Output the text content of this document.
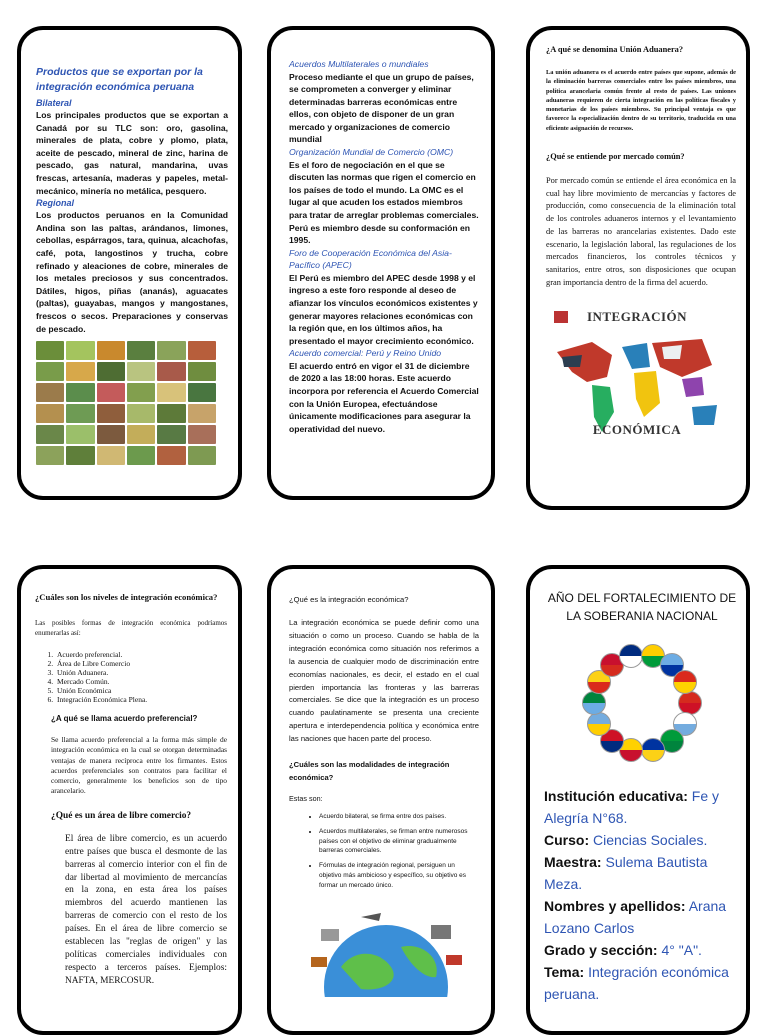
Productos que se exportan por la integración económica peruana

Bilateral

Los principales productos que se exportan a Canadá por su TLC son: oro, gasolina, minerales de plata, cobre y plomo, plata, aceite de pescado, mineral de zinc, harina de pescado, gas natural, mandarina, uvas frescas, artesanía, maderas y papeles, metal-mecánico, minería no metálica, pesquero.

Regional

Los productos peruanos en la Comunidad Andina son las paltas, arándanos, limones, cebollas, espárragos, tara, quinua, alcachofas, café, pota, langostinos y trucha, cobre refinado y aleaciones de cobre, minerales de los metales preciosos y sus concentrados. Dátiles, higos, piñas (ananás), aguacates (paltas), guayabas, mangos y mangostanes, frescos o secos. Preparaciones y conservas de pescado.

Acuerdos Multilaterales o mundiales

Proceso mediante el que un grupo de países, se comprometen a converger y eliminar determinadas barreras económicas entre ellos, con objeto de disponer de un gran mercado y organizaciones de comercio mundial

Organización Mundial de Comercio (OMC)

Es el foro de negociación en el que se discuten las normas que rigen el comercio en los países de todo el mundo. La OMC es el lugar al que acuden los estados miembros para tratar de arreglar problemas comerciales. Perú es miembro desde su conformación en 1995.

Foro de Cooperación Económica del Asia-Pacífico (APEC)

El Perú es miembro del APEC desde 1998 y el ingreso a este foro responde al deseo de afianzar los vínculos económicos existentes y generar mayores relaciones económicas con la región que, en los últimos años, ha presentado el mayor crecimiento económico.

Acuerdo comercial: Perú y Reino Unido

El acuerdo entró en vigor el 31 de diciembre de 2020 a las 18:00 horas. Este acuerdo incorpora por referencia el Acuerdo Comercial con la Unión Europea, efectuándose únicamente modificaciones para asegurar la operatividad del nuevo.

¿A qué se denomina Unión Aduanera?

La unión aduanera es el acuerdo entre países que supone, además de la eliminación barreras comerciales entre los países miembros, una política arancelaria común frente al resto de países. Las uniones aduaneras requieren de cierta integración en las políticas fiscales y monetarias de los países miembros. Su principal ventaja es que favorece la especialización dentro de su territorio, traducida en una eficiente asignación de recursos.

¿Qué se entiende por mercado común?

Por mercado común se entiende el área económica en la cual hay libre movimiento de mercancías y factores de producción, como consecuencia de la eliminación total de los controles aduaneros internos y el levantamiento de las barreras no arancelarias existentes. Dado este escenario, la legislación laboral, las regulaciones de los mercados financieros, los controles técnicos y sanitarios, entre otros, son disposiciones que ocupan gran importancia dentro de la firma del acuerdo.

INTEGRACIÓN
ECONÓMICA

¿Cuáles son los niveles de integración económica?

Las posibles formas de integración económica podríamos enumerarlas así:

1. Acuerdo preferencial.
2. Área de Libre Comercio
3. Unión Aduanera.
4. Mercado Común.
5. Unión Económica
6. Integración Económica Plena.

¿A qué se llama acuerdo preferencial?

Se llama acuerdo preferencial a la forma más simple de integración económica en la cual se otorgan determinadas ventajas de manera recíproca entre los firmantes. Estos acuerdos preferenciales son contratos para facilitar el comercio, generalmente los beneficios son de tipo arancelario.

¿Qué es un área de libre comercio?

El área de libre comercio, es un acuerdo entre países que busca el desmonte de las barreras al comercio interior con el fin de dar libertad al movimiento de mercancías en la zona, en esta área los países miembros del acuerdo mantienen las barreras de comercio con el resto de los países. En el área de libre comercio se establecen las "reglas de origen" y las políticas comerciales individuales con respecto a terceros países. Ejemplos: NAFTA, MERCOSUR.

¿Qué es la integración económica?

La integración económica se puede definir como una situación o como un proceso. Cuando se habla de la integración económica como situación nos referimos a la ausencia de cualquier modo de discriminación entre economías nacionales, es decir, el estado en el cual pierden importancia las fronteras y las barreras comerciales. Se dice que la integración es un proceso cuando paulatinamente se presenta una creciente apertura e interdependencia política y económica entre las naciones que hacen parte del proceso.

¿Cuáles son las modalidades de integración económica?

Estas son:

• Acuerdo bilateral, se firma entre dos países.
• Acuerdos multilaterales, se firman entre numerosos países con el objetivo de eliminar gradualmente barreras comerciales.
• Fórmulas de integración regional, persiguen un objetivo más ambicioso y específico, su objetivo es formar un mercado único.

AÑO DEL FORTALECIMIENTO DE LA SOBERANIA NACIONAL

Institución educativa: Fe y Alegría N°68.

Curso: Ciencias Sociales.

Maestra: Sulema Bautista Meza.

Nombres y apellidos: Arana Lozano Carlos

Grado y sección: 4° "A".

Tema: Integración económica peruana.
